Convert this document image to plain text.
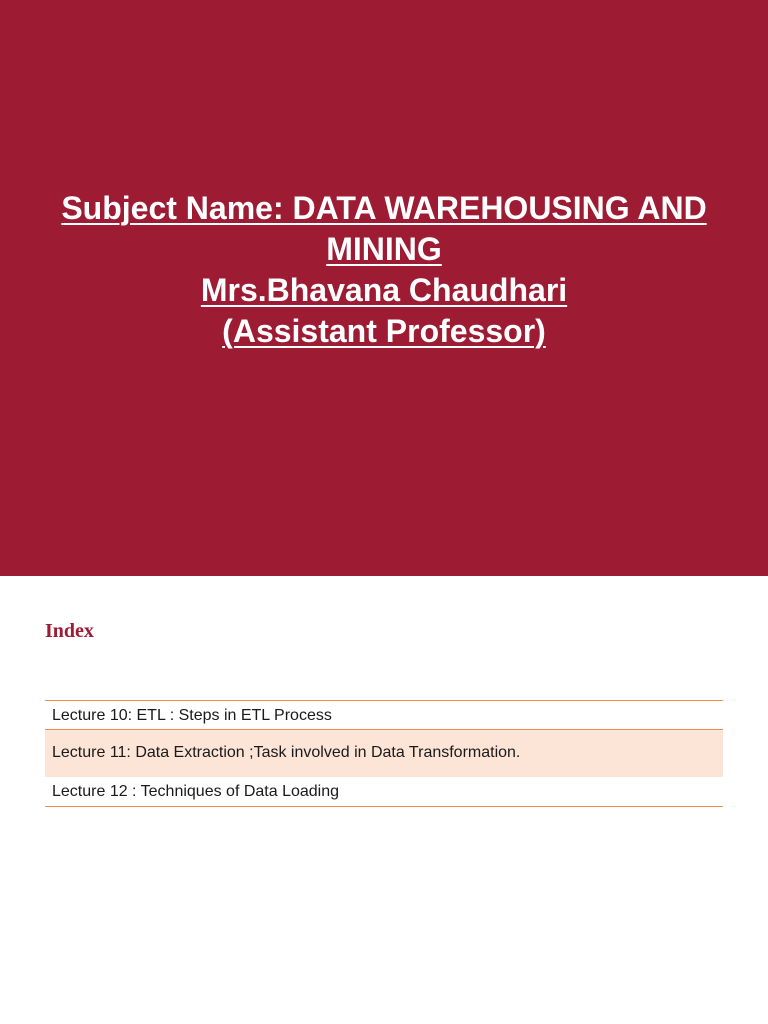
Subject Name: DATA WAREHOUSING AND MINING
Mrs.Bhavana Chaudhari
(Assistant Professor)
Index
Lecture 10: ETL : Steps in ETL Process
Lecture 11: Data Extraction ;Task involved in Data Transformation.
Lecture 12 : Techniques of Data Loading
